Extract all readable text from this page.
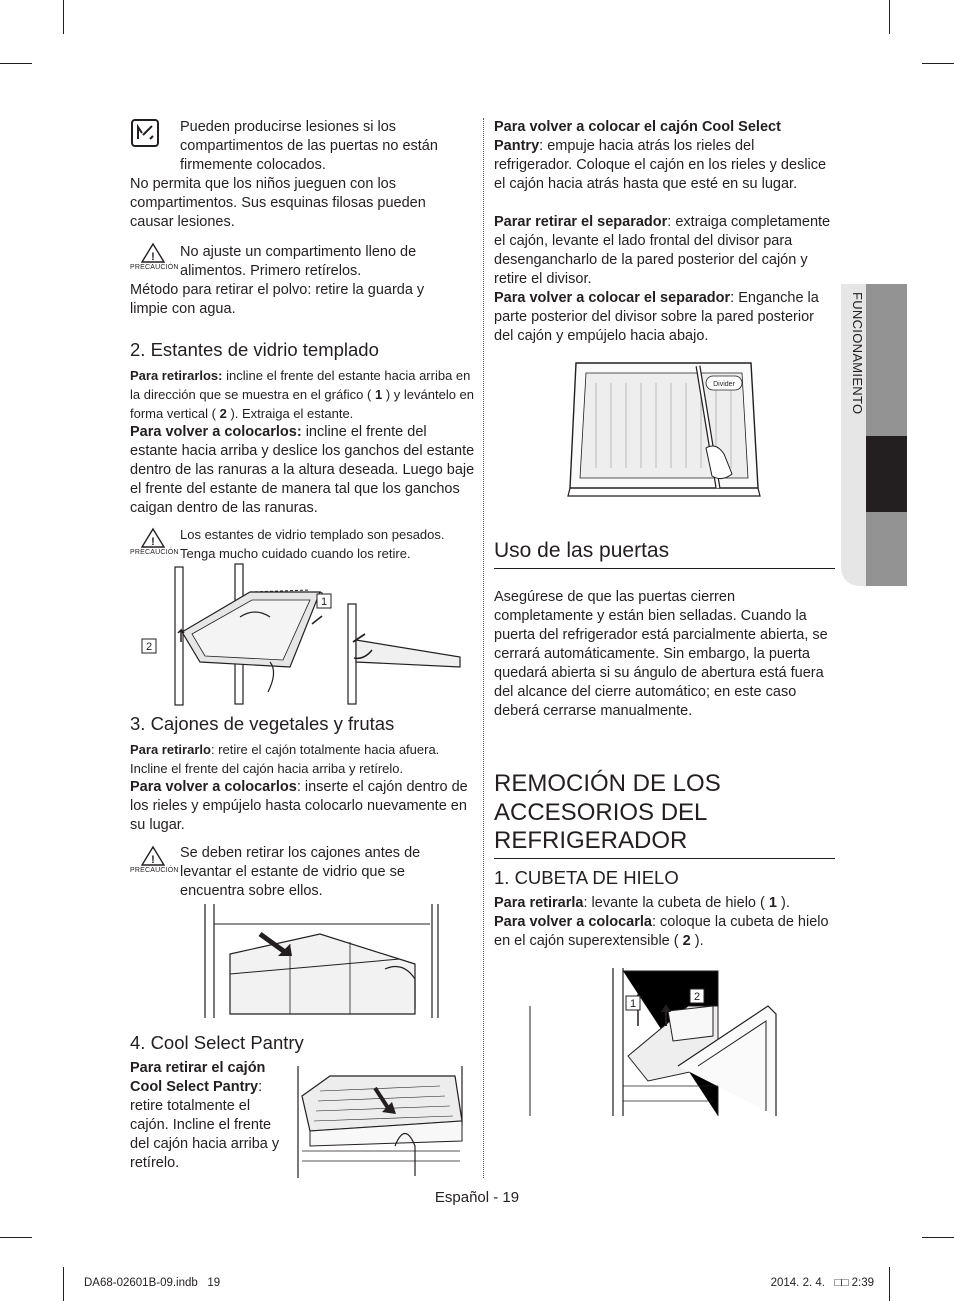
Pueden producirse lesiones si los compartimentos de las puertas no están firmemente colocados.
No permita que los niños jueguen con los compartimentos. Sus esquinas filosas pueden causar lesiones.
!
PRECAUCIÓN
No ajuste un compartimento lleno de alimentos. Primero retírelos.
Método para retirar el polvo: retire la guarda y limpie con agua.
2. Estantes de vidrio templado
Para retirarlos: incline el frente del estante hacia arriba en la dirección que se muestra en el gráfico ( 1 ) y levántelo en forma vertical ( 2 ). Extraiga el estante.
Para volver a colocarlos: incline el frente del estante hacia arriba y deslice los ganchos del estante dentro de las ranuras a la altura deseada. Luego baje el frente del estante de manera tal que los ganchos caigan dentro de las ranuras.
!
PRECAUCIÓN
Los estantes de vidrio templado son pesados. Tenga mucho cuidado cuando los retire.
1
2
3. Cajones de vegetales y frutas
Para retirarlo: retire el cajón totalmente hacia afuera. Incline el frente del cajón hacia arriba y retírelo.
Para volver a colocarlos: inserte el cajón dentro de los rieles y empújelo hasta colocarlo nuevamente en su lugar.
!
PRECAUCIÓN
Se deben retirar los cajones antes de levantar el estante de vidrio que se encuentra sobre ellos.
4. Cool Select Pantry
Para retirar el cajón Cool Select Pantry: retire totalmente el cajón. Incline el frente del cajón hacia arriba y retírelo.
Para volver a colocar el cajón Cool Select Pantry: empuje hacia atrás los rieles del refrigerador. Coloque el cajón en los rieles y deslice el cajón hacia atrás hasta que esté en su lugar.
Parar retirar el separador: extraiga completamente el cajón, levante el lado frontal del divisor para desengancharlo de la pared posterior del cajón y retire el divisor.
Para volver a colocar el separador: Enganche la parte posterior del divisor sobre la pared posterior del cajón y empújelo hacia abajo.
Divider
Uso de las puertas
Asegúrese de que las puertas cierren completamente y están bien selladas. Cuando la puerta del refrigerador está parcialmente abierta, se cerrará automáticamente. Sin embargo, la puerta quedará abierta si su ángulo de abertura está fuera del alcance del cierre automático; en este caso deberá cerrarse manualmente.
REMOCIÓN DE LOS ACCESORIOS DEL REFRIGERADOR
1. CUBETA DE HIELO
Para retirarla: levante la cubeta de hielo ( 1 ).
Para volver a colocarla: coloque la cubeta de hielo en el cajón superextensible ( 2 ).
1
2
FUNCIONAMIENTO
Español - 19
DA68-02601B-09.indb   19	2014. 2. 4.   □□ 2:39
